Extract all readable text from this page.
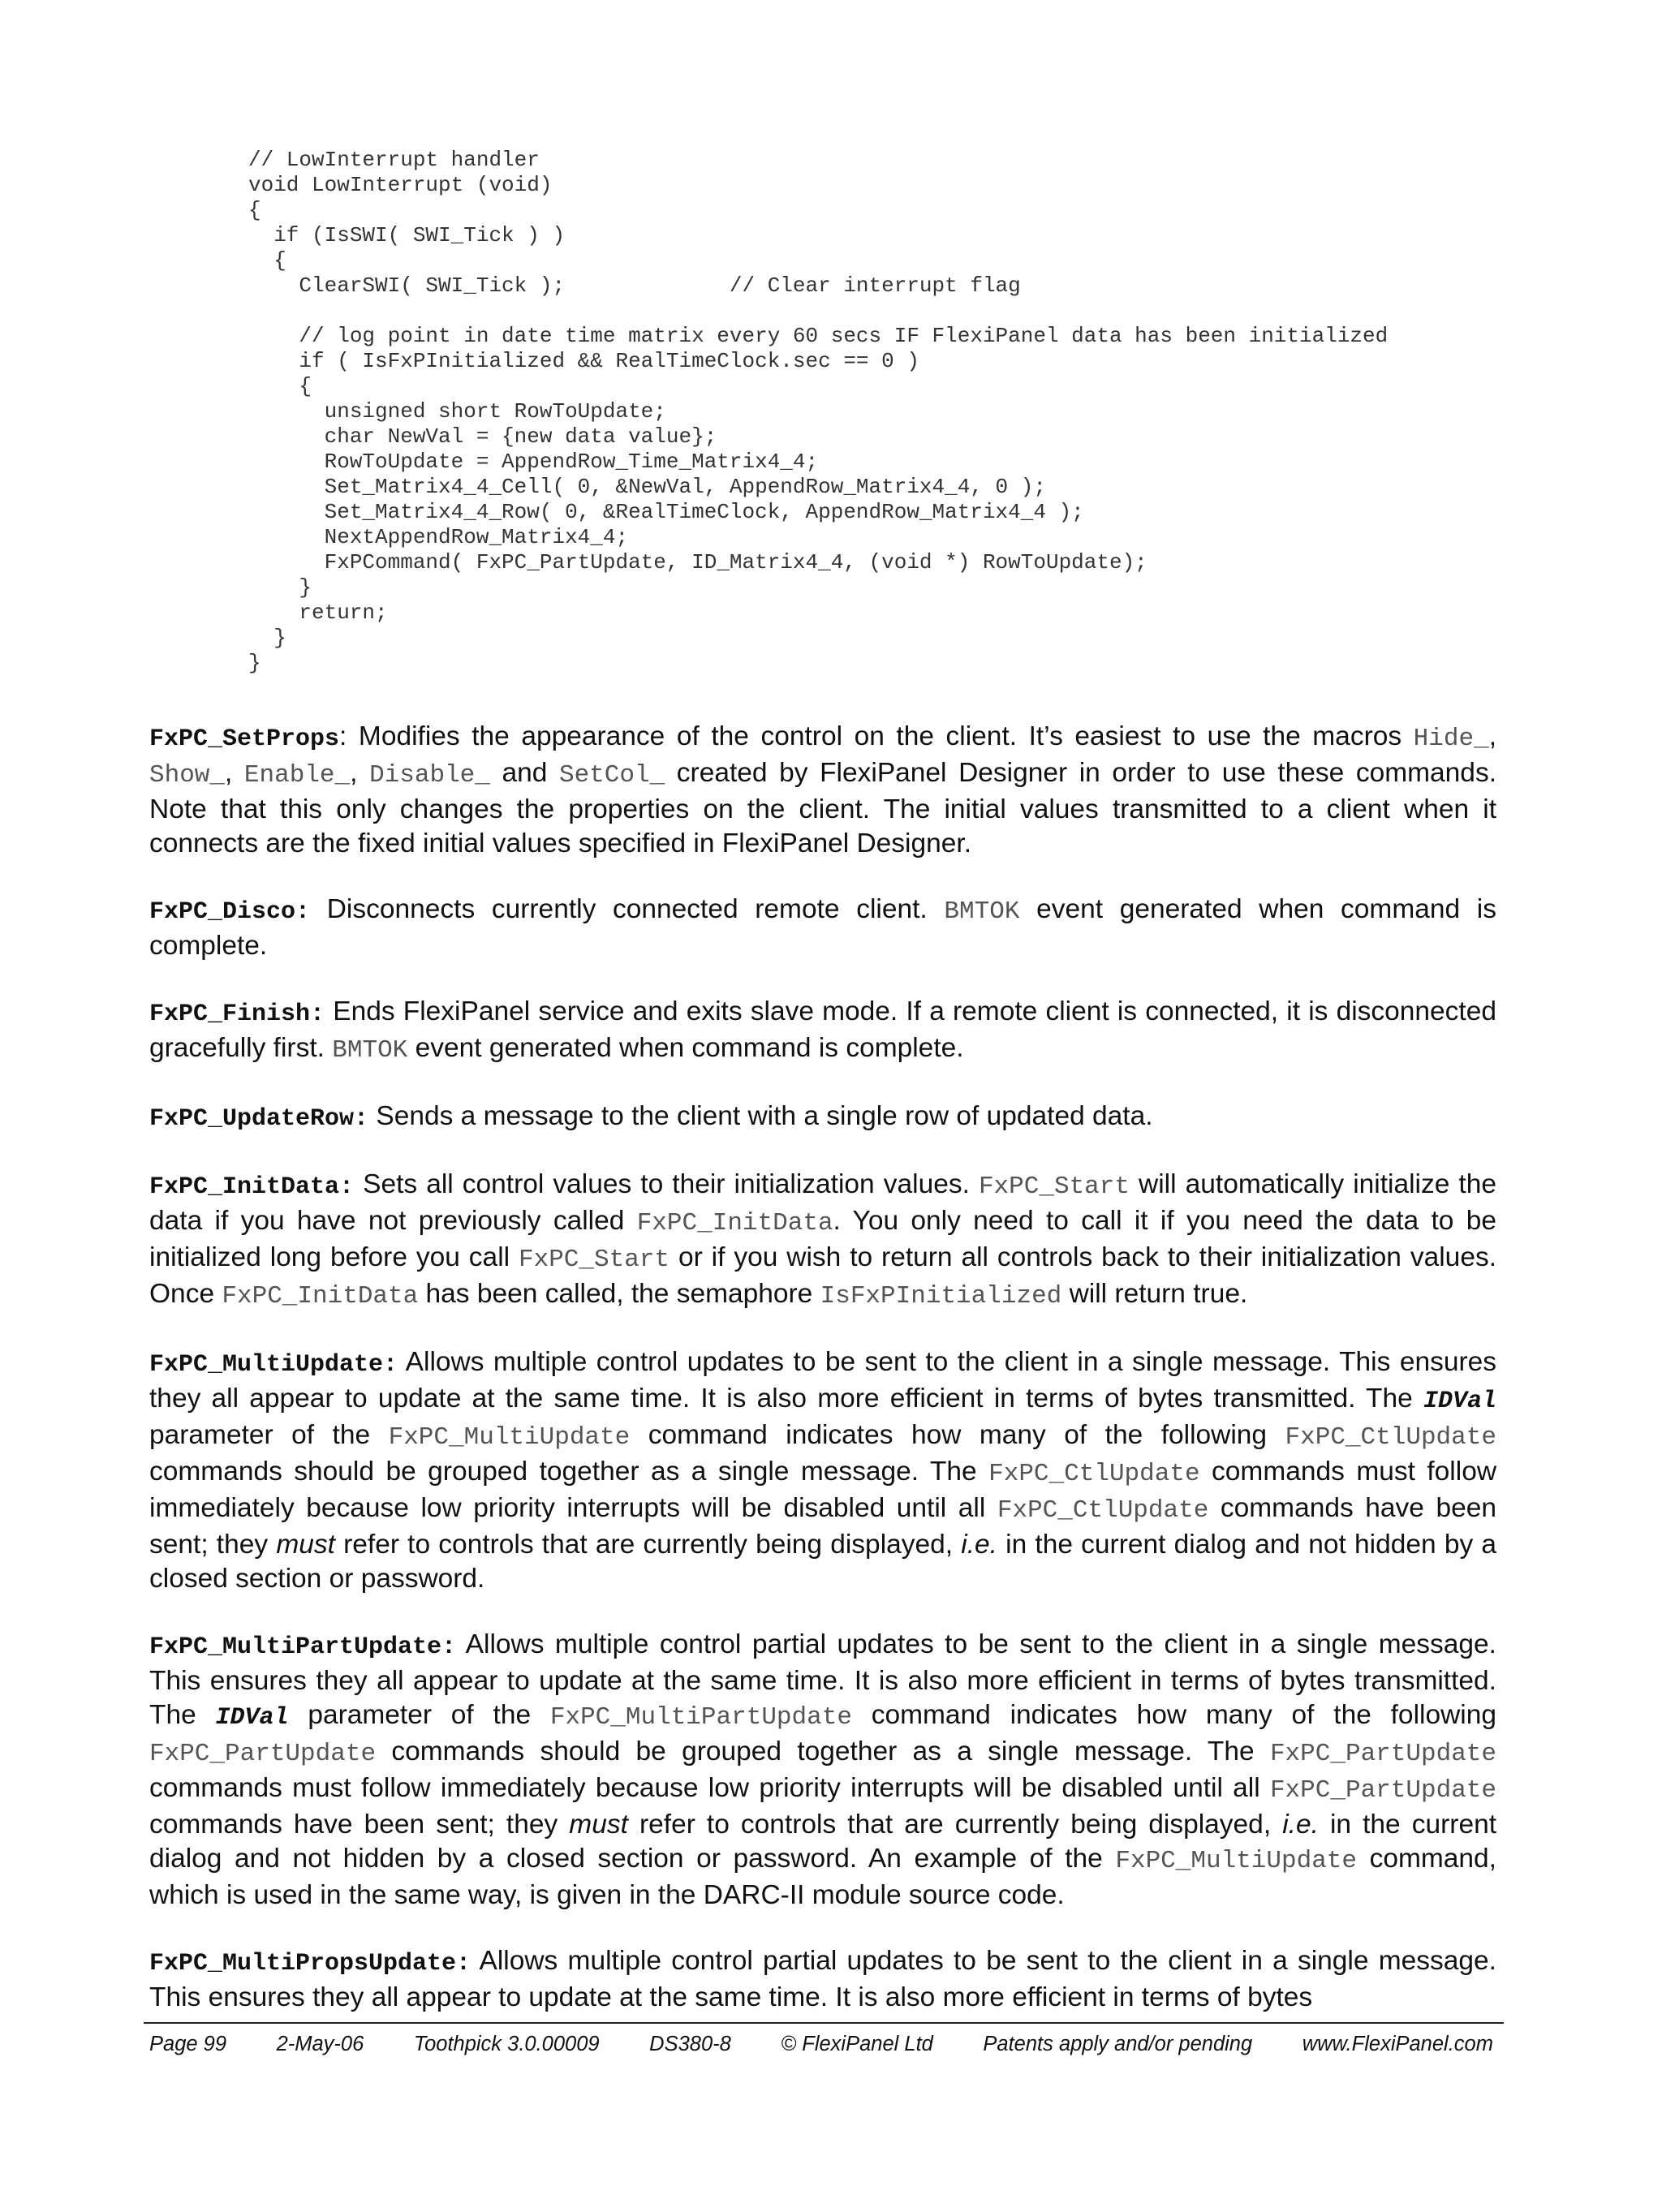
// LowInterrupt handler
void LowInterrupt (void)
{
if (IsSWI( SWI_Tick ) )
{
ClearSWI( SWI_Tick );             // Clear interrupt flag
// log point in date time matrix every 60 secs IF FlexiPanel data has been initialized
if ( IsFxPInitialized && RealTimeClock.sec == 0 )
{
unsigned short RowToUpdate;
char NewVal = {new data value};
RowToUpdate = AppendRow_Time_Matrix4_4;
Set_Matrix4_4_Cell( 0, &NewVal, AppendRow_Matrix4_4, 0 );
Set_Matrix4_4_Row( 0, &RealTimeClock, AppendRow_Matrix4_4 );
NextAppendRow_Matrix4_4;
FxPCommand( FxPC_PartUpdate, ID_Matrix4_4, (void *) RowToUpdate);
}
return;
}
}

FxPC_SetProps: Modifies the appearance of the control on the client. It’s easiest to use the macros Hide_, Show_, Enable_, Disable_ and SetCol_ created by FlexiPanel Designer in order to use these commands. Note that this only changes the properties on the client. The initial values transmitted to a client when it connects are the fixed initial values specified in FlexiPanel Designer.

FxPC_Disco: Disconnects currently connected remote client. BMTOK event generated when command is complete.

FxPC_Finish: Ends FlexiPanel service and exits slave mode. If a remote client is connected, it is disconnected gracefully first. BMTOK event generated when command is complete.

FxPC_UpdateRow: Sends a message to the client with a single row of updated data.

FxPC_InitData: Sets all control values to their initialization values. FxPC_Start will automatically initialize the data if you have not previously called FxPC_InitData. You only need to call it if you need the data to be initialized long before you call FxPC_Start or if you wish to return all controls back to their initialization values. Once FxPC_InitData has been called, the semaphore IsFxPInitialized will return true.

FxPC_MultiUpdate: Allows multiple control updates to be sent to the client in a single message. This ensures they all appear to update at the same time. It is also more efficient in terms of bytes transmitted. The IDVal parameter of the FxPC_MultiUpdate command indicates how many of the following FxPC_CtlUpdate commands should be grouped together as a single message. The FxPC_CtlUpdate commands must follow immediately because low priority interrupts will be disabled until all FxPC_CtlUpdate commands have been sent; they must refer to controls that are currently being displayed, i.e. in the current dialog and not hidden by a closed section or password.

FxPC_MultiPartUpdate: Allows multiple control partial updates to be sent to the client in a single message. This ensures they all appear to update at the same time. It is also more efficient in terms of bytes transmitted. The IDVal parameter of the FxPC_MultiPartUpdate command indicates how many of the following FxPC_PartUpdate commands should be grouped together as a single message. The FxPC_PartUpdate commands must follow immediately because low priority interrupts will be disabled until all FxPC_PartUpdate commands have been sent; they must refer to controls that are currently being displayed, i.e. in the current dialog and not hidden by a closed section or password. An example of the FxPC_MultiUpdate command, which is used in the same way, is given in the DARC-II module source code.

FxPC_MultiPropsUpdate: Allows multiple control partial updates to be sent to the client in a single message. This ensures they all appear to update at the same time. It is also more efficient in terms of bytes

Page 99 2-May-06 Toothpick 3.0.00009 DS380-8 © FlexiPanel Ltd Patents apply and/or pending www.FlexiPanel.com
